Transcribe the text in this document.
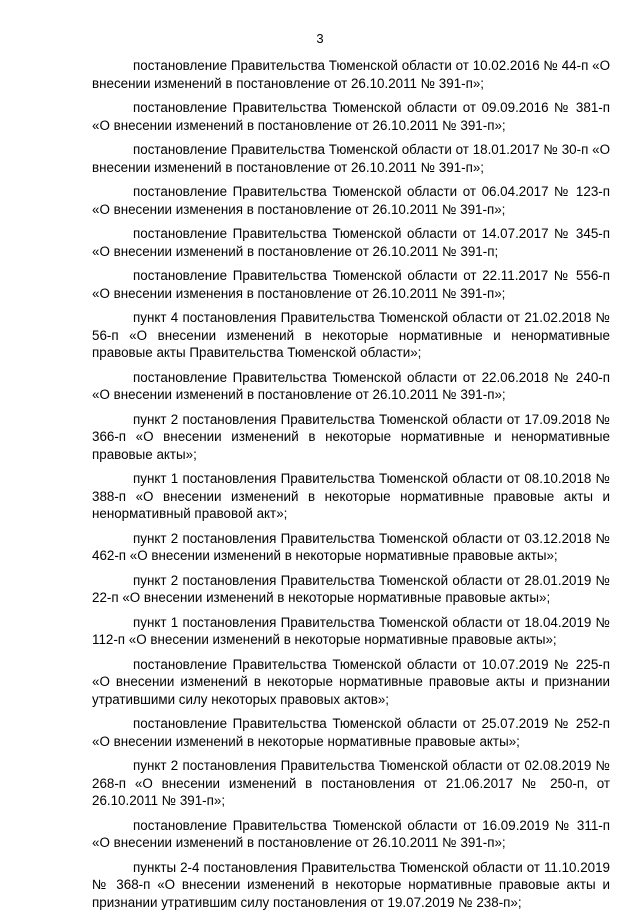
3

постановление Правительства Тюменской области от 10.02.2016 № 44-п «О внесении изменений в постановление от 26.10.2011 № 391-п»;

постановление Правительства Тюменской области от 09.09.2016 № 381-п «О внесении изменений в постановление от 26.10.2011 № 391-п»;

постановление Правительства Тюменской области от 18.01.2017 № 30-п «О внесении изменений в постановление от 26.10.2011 № 391-п»;

постановление Правительства Тюменской области от 06.04.2017 № 123-п «О внесении изменения в постановление от 26.10.2011 № 391-п»;

постановление Правительства Тюменской области от 14.07.2017 № 345-п «О внесении изменений в постановление от 26.10.2011 № 391-п;

постановление Правительства Тюменской области от 22.11.2017 № 556-п «О внесении изменения в постановление от 26.10.2011 № 391-п»;

пункт 4 постановления Правительства Тюменской области от 21.02.2018 № 56-п «О внесении изменений в некоторые нормативные и ненормативные правовые акты Правительства Тюменской области»;

постановление Правительства Тюменской области от 22.06.2018 № 240-п «О внесении изменений в постановление от 26.10.2011 № 391-п»;

пункт 2 постановления Правительства Тюменской области от 17.09.2018 № 366-п «О внесении изменений в некоторые нормативные и ненормативные правовые акты»;

пункт 1 постановления Правительства Тюменской области от 08.10.2018 № 388-п «О внесении изменений в некоторые нормативные правовые акты и ненормативный правовой акт»;

пункт 2 постановления Правительства Тюменской области от 03.12.2018 № 462-п «О внесении изменений в некоторые нормативные правовые акты»;

пункт 2 постановления Правительства Тюменской области от 28.01.2019 № 22-п «О внесении изменений в некоторые нормативные правовые акты»;

пункт 1 постановления Правительства Тюменской области от 18.04.2019 № 112-п «О внесении изменений в некоторые нормативные правовые акты»;

постановление Правительства Тюменской области от 10.07.2019 № 225-п «О внесении изменений в некоторые нормативные правовые акты и признании утратившими силу некоторых правовых актов»;

постановление Правительства Тюменской области от 25.07.2019 № 252-п «О внесении изменений в некоторые нормативные правовые акты»;

пункт 2 постановления Правительства Тюменской области от 02.08.2019 № 268-п «О внесении изменений в постановления от 21.06.2017 № 250-п, от 26.10.2011 № 391-п»;

постановление Правительства Тюменской области от 16.09.2019 № 311-п «О внесении изменений в постановление от 26.10.2011 № 391-п»;

пункты 2-4 постановления Правительства Тюменской области от 11.10.2019 № 368-п «О внесении изменений в некоторые нормативные правовые акты и признании утратившим силу постановления от 19.07.2019 № 238-п»;
